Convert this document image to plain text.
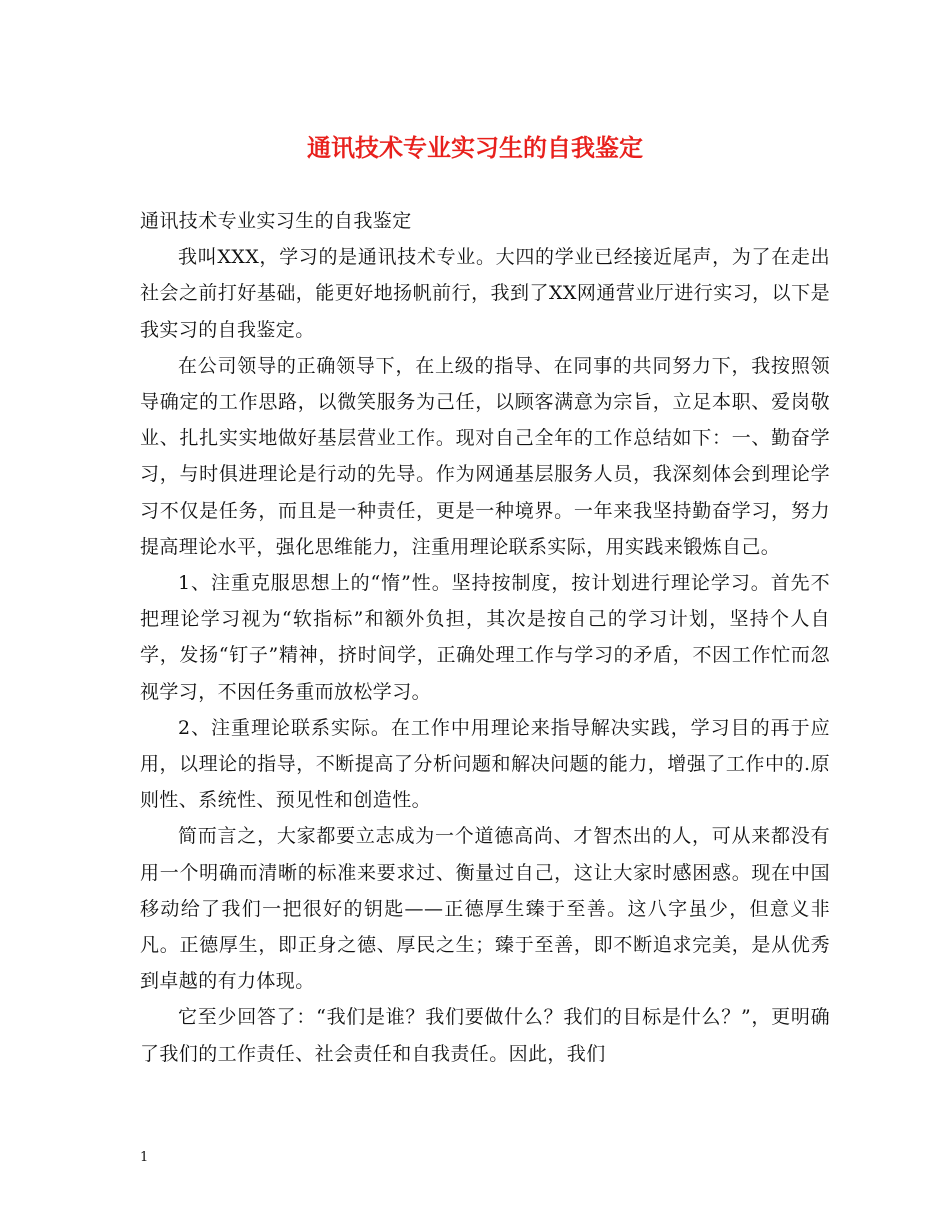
通讯技术专业实习生的自我鉴定

通讯技术专业实习生的自我鉴定

我叫XXX，学习的是通讯技术专业。大四的学业已经接近尾声，为了在走出社会之前打好基础，能更好地扬帆前行，我到了XX网通营业厅进行实习，以下是我实习的自我鉴定。

在公司领导的正确领导下，在上级的指导、在同事的共同努力下，我按照领导确定的工作思路，以微笑服务为己任，以顾客满意为宗旨，立足本职、爱岗敬业、扎扎实实地做好基层营业工作。现对自己全年的工作总结如下：一、勤奋学习，与时俱进理论是行动的先导。作为网通基层服务人员，我深刻体会到理论学习不仅是任务，而且是一种责任，更是一种境界。一年来我坚持勤奋学习，努力提高理论水平，强化思维能力，注重用理论联系实际，用实践来锻炼自己。

1、注重克服思想上的“惰”性。坚持按制度，按计划进行理论学习。首先不把理论学习视为“软指标”和额外负担，其次是按自己的学习计划，坚持个人自学，发扬“钉子”精神，挤时间学，正确处理工作与学习的矛盾，不因工作忙而忽视学习，不因任务重而放松学习。

2、注重理论联系实际。在工作中用理论来指导解决实践，学习目的再于应用，以理论的指导，不断提高了分析问题和解决问题的能力，增强了工作中的.原则性、系统性、预见性和创造性。

简而言之，大家都要立志成为一个道德高尚、才智杰出的人，可从来都没有用一个明确而清晰的标准来要求过、衡量过自己，这让大家时感困惑。现在中国移动给了我们一把很好的钥匙——正德厚生臻于至善。这八字虽少，但意义非凡。正德厚生，即正身之德、厚民之生；臻于至善，即不断追求完美，是从优秀到卓越的有力体现。

它至少回答了：“我们是谁？我们要做什么？我们的目标是什么？”，更明确了我们的工作责任、社会责任和自我责任。因此，我们

1
